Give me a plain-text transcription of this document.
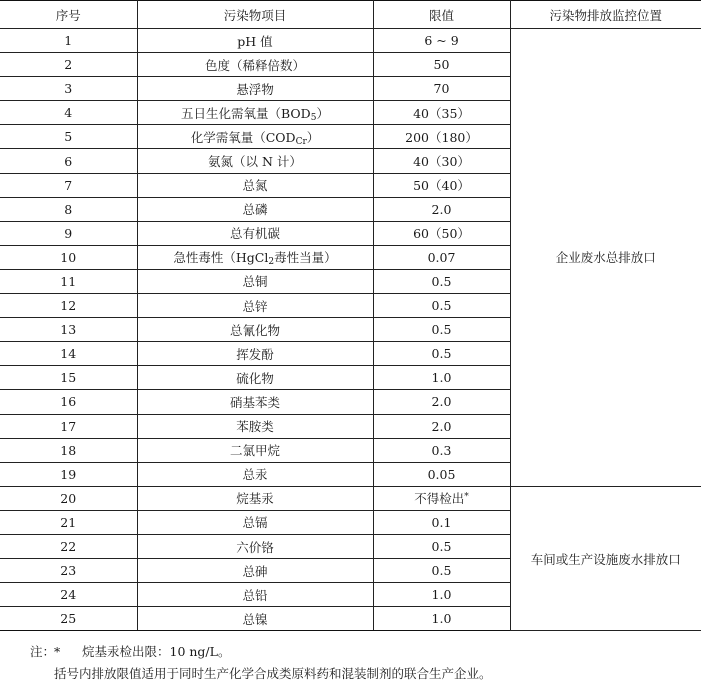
序号	污染物项目	限值	污染物排放监控位置
1	pH 值	6 ~ 9	企业废水总排放口
2	色度（稀释倍数）	50	
3	悬浮物	70	
4	五日生化需氧量$(BOD_5)$	40（35）	
5	化学需氧量$(COD_{Cr})$	200（180）	
6	氨氮（以 N 计）	40（30）	
7	总氮	50（40）	
8	总磷	2.0	
9	总有机碳	60（50）	
10	急性毒性（HgCl$_2$毒性当量）	0.07	
11	总铜	0.5	
12	总锌	0.5	
13	总氰化物	0.5	
14	挥发酚	0.5	
15	硫化物	1.0	
16	硝基苯类	2.0	
17	苯胺类	2.0	
18	二氯甲烷	0.3	
19	总汞	0.05	
20	烷基汞	不得检出*	车间或生产设施废水排放口
21	总镉	0.1	
22	六价铬	0.5	
23	总砷	0.5	
24	总铅	1.0	
25	总镍	1.0	
注：* 烷基汞检出限：10 ng/L。
括号内排放限值适用于同时生产化学合成类原料药和混装制剂的联合生产企业。
